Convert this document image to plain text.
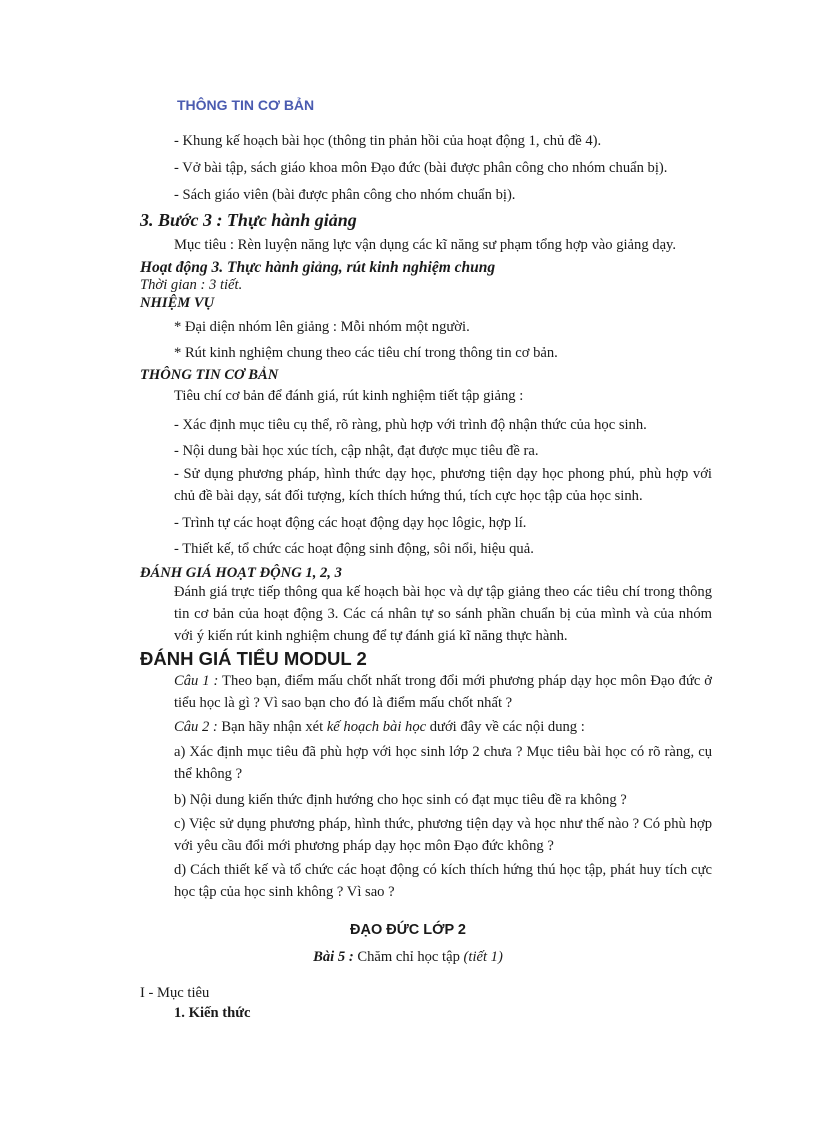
THÔNG TIN CƠ BẢN
- Khung kế hoạch bài học (thông tin phản hồi của hoạt động 1, chủ đề 4).
- Vở bài tập, sách giáo khoa môn Đạo đức (bài được phân công cho nhóm chuẩn bị).
- Sách giáo viên (bài được phân công cho nhóm chuẩn bị).
3. Bước 3 : Thực hành giảng
Mục tiêu : Rèn luyện năng lực vận dụng các kĩ năng sư phạm tổng hợp vào giảng dạy.
Hoạt động 3. Thực hành giảng, rút kinh nghiệm chung
Thời gian : 3 tiết.
NHIỆM VỤ
* Đại diện nhóm lên giảng : Mỗi nhóm một người.
* Rút kinh nghiệm chung theo các tiêu chí trong thông tin cơ bản.
THÔNG TIN CƠ BẢN
Tiêu chí cơ bản để đánh giá, rút kinh nghiệm tiết tập giảng :
- Xác định mục tiêu cụ thể, rõ ràng, phù hợp với trình độ nhận thức của học sinh.
- Nội dung bài học xúc tích, cập nhật, đạt được mục tiêu đề ra.
- Sử dụng phương pháp, hình thức dạy học, phương tiện dạy học phong phú, phù hợp với chủ đề bài dạy, sát đối tượng, kích thích hứng thú, tích cực học tập của học sinh.
- Trình tự các hoạt động các hoạt động dạy học lôgic, hợp lí.
- Thiết kế, tổ chức các hoạt động sinh động, sôi nổi, hiệu quả.
ĐÁNH GIÁ HOẠT ĐỘNG 1, 2, 3
Đánh giá trực tiếp thông qua kế hoạch bài học và dự tập giảng theo các tiêu chí trong thông tin cơ bản của hoạt động 3. Các cá nhân tự so sánh phần chuẩn bị của mình và của nhóm với ý kiến rút kinh nghiệm chung để tự đánh giá kĩ năng thực hành.
ĐÁNH GIÁ TIỂU MODUL 2
Câu 1 : Theo bạn, điểm mấu chốt nhất trong đổi mới phương pháp dạy học môn Đạo đức ở tiểu học là gì ? Vì sao bạn cho đó là điểm mấu chốt nhất ?
Câu 2 : Bạn hãy nhận xét kế hoạch bài học dưới đây về các nội dung :
a) Xác định mục tiêu đã phù hợp với học sinh lớp 2 chưa ? Mục tiêu bài học có rõ ràng, cụ thể không ?
b) Nội dung kiến thức định hướng cho học sinh có đạt mục tiêu đề ra không ?
c) Việc sử dụng phương pháp, hình thức, phương tiện dạy và học như thế nào ? Có phù hợp với yêu cầu đổi mới phương pháp dạy học môn Đạo đức không ?
d) Cách thiết kế và tổ chức các hoạt động có kích thích hứng thú học tập, phát huy tích cực học tập của học sinh không ? Vì sao ?
ĐẠO ĐỨC LỚP 2
Bài 5 : Chăm chỉ học tập (tiết 1)
I - Mục tiêu
1. Kiến thức
